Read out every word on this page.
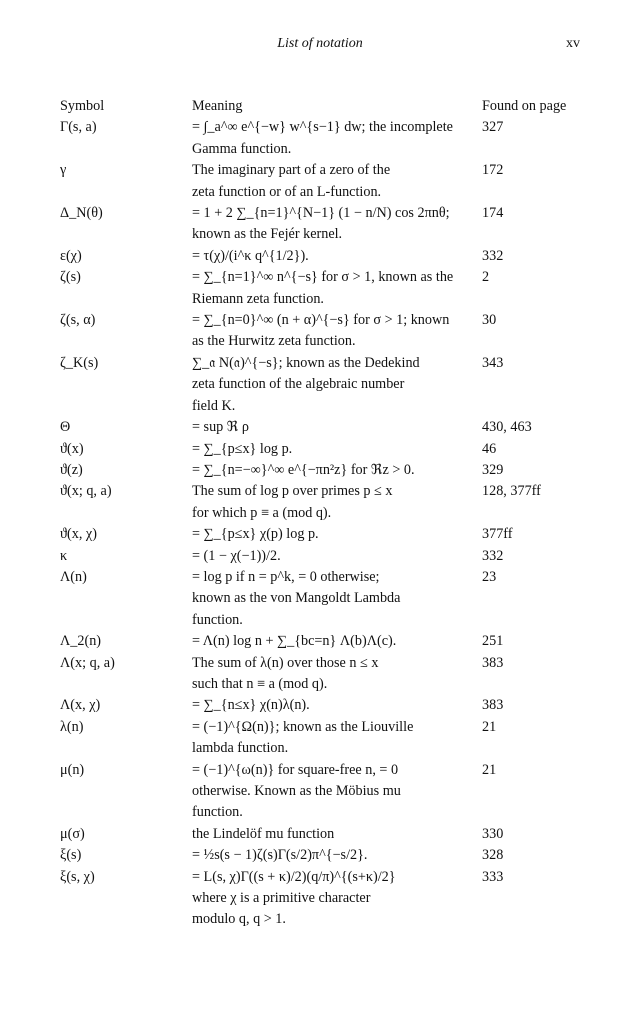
List of notation	xv
Symbol	Meaning	Found on page
Γ(s, a)	= ∫_a^∞ e^{−w} w^{s−1} dw; the incomplete
Gamma function.	327
γ	The imaginary part of a zero of the
zeta function or of an L-function.	172
Δ_N(θ)	= 1 + 2 ∑_{n=1}^{N−1} (1 − n/N) cos 2πnθ;
known as the Fejér kernel.	174
ε(χ)	= τ(χ)/(i^κ q^{1/2}).	332
ζ(s)	= ∑_{n=1}^∞ n^{−s} for σ > 1, known as the
Riemann zeta function.	2
ζ(s, α)	= ∑_{n=0}^∞ (n + α)^{−s} for σ > 1; known
as the Hurwitz zeta function.	30
ζ_K(s)	∑_𝔞 N(𝔞)^{−s}; known as the Dedekind
zeta function of the algebraic number
field K.	343
Θ	= sup ℜ ρ	430, 463
ϑ(x)	= ∑_{p≤x} log p.	46
ϑ(z)	= ∑_{n=−∞}^∞ e^{−πn²z} for ℜz > 0.	329
ϑ(x; q, a)	The sum of log p over primes p ≤ x
for which p ≡ a (mod q).	128, 377ff
ϑ(x, χ)	= ∑_{p≤x} χ(p) log p.	377ff
κ	= (1 − χ(−1))/2.	332
Λ(n)	= log p if n = p^k, = 0 otherwise;
known as the von Mangoldt Lambda
function.	23
Λ_2(n)	= Λ(n) log n + ∑_{bc=n} Λ(b)Λ(c).	251
Λ(x; q, a)	The sum of λ(n) over those n ≤ x
such that n ≡ a (mod q).	383
Λ(x, χ)	= ∑_{n≤x} χ(n)λ(n).	383
λ(n)	= (−1)^{Ω(n)}; known as the Liouville
lambda function.	21
μ(n)	= (−1)^{ω(n)} for square-free n, = 0
otherwise. Known as the Möbius mu
function.	21
μ(σ)	the Lindelöf mu function	330
ξ(s)	= ½s(s − 1)ζ(s)Γ(s/2)π^{−s/2}.	328
ξ(s, χ)	= L(s, χ)Γ((s + κ)/2)(q/π)^{(s+κ)/2}
where χ is a primitive character
modulo q, q > 1.	333
